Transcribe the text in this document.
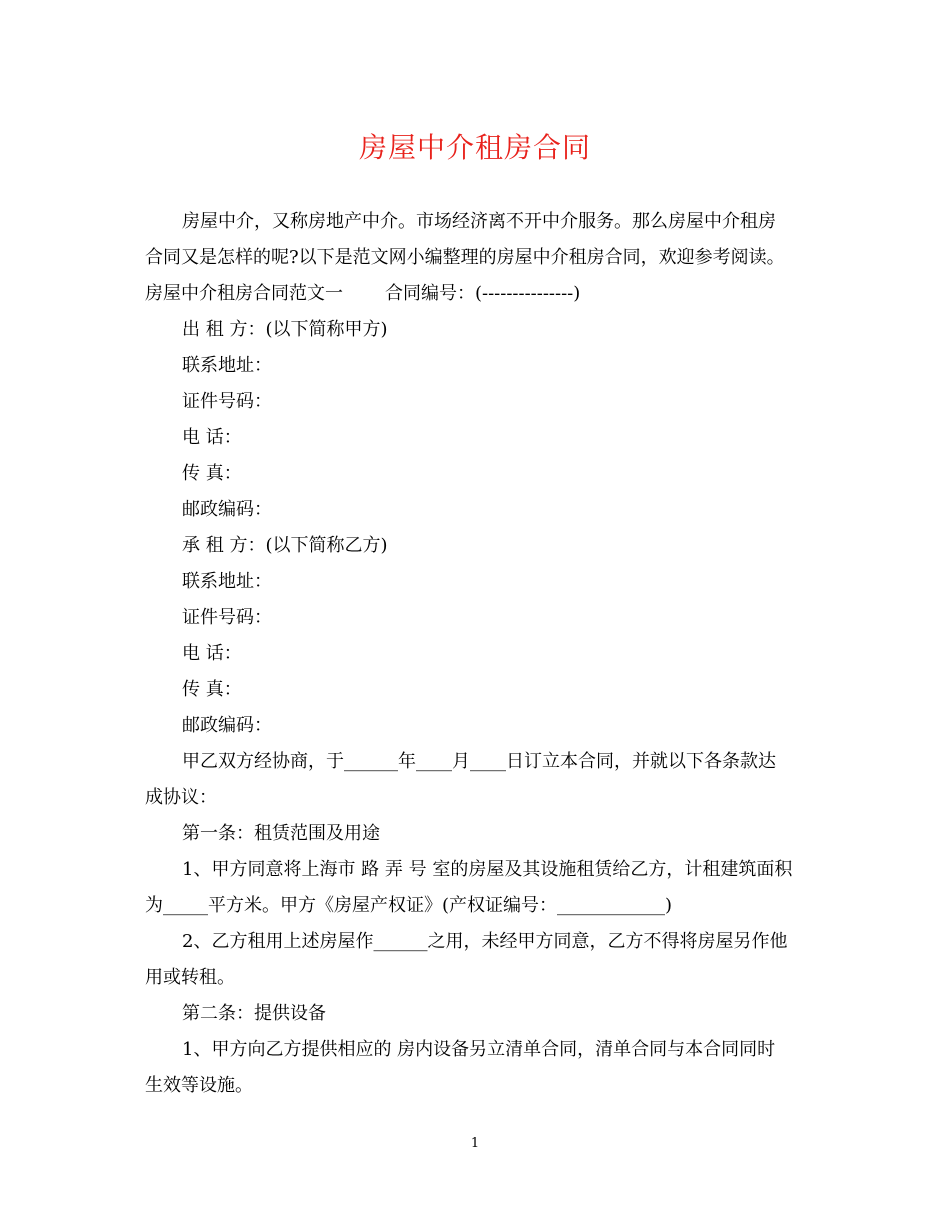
房屋中介租房合同
房屋中介，又称房地产中介。市场经济离不开中介服务。那么房屋中介租房
合同又是怎样的呢?以下是范文网小编整理的房屋中介租房合同，欢迎参考阅读。
房屋中介租房合同范文一 合同编号：(---------------)
出 租 方：(以下简称甲方)
联系地址：
证件号码：
电 话：
传 真：
邮政编码：
承 租 方：(以下简称乙方)
联系地址：
证件号码：
电 话：
传 真：
邮政编码：
甲乙双方经协商，于______年____月____日订立本合同，并就以下各条款达
成协议：
第一条：租赁范围及用途
1、甲方同意将上海市 路 弄 号 室的房屋及其设施租赁给乙方，计租建筑面积
为_____平方米。甲方《房屋产权证》(产权证编号：____________)
2、乙方租用上述房屋作______之用，未经甲方同意，乙方不得将房屋另作他
用或转租。
第二条：提供设备
1、甲方向乙方提供相应的 房内设备另立清单合同，清单合同与本合同同时
生效等设施。
1
